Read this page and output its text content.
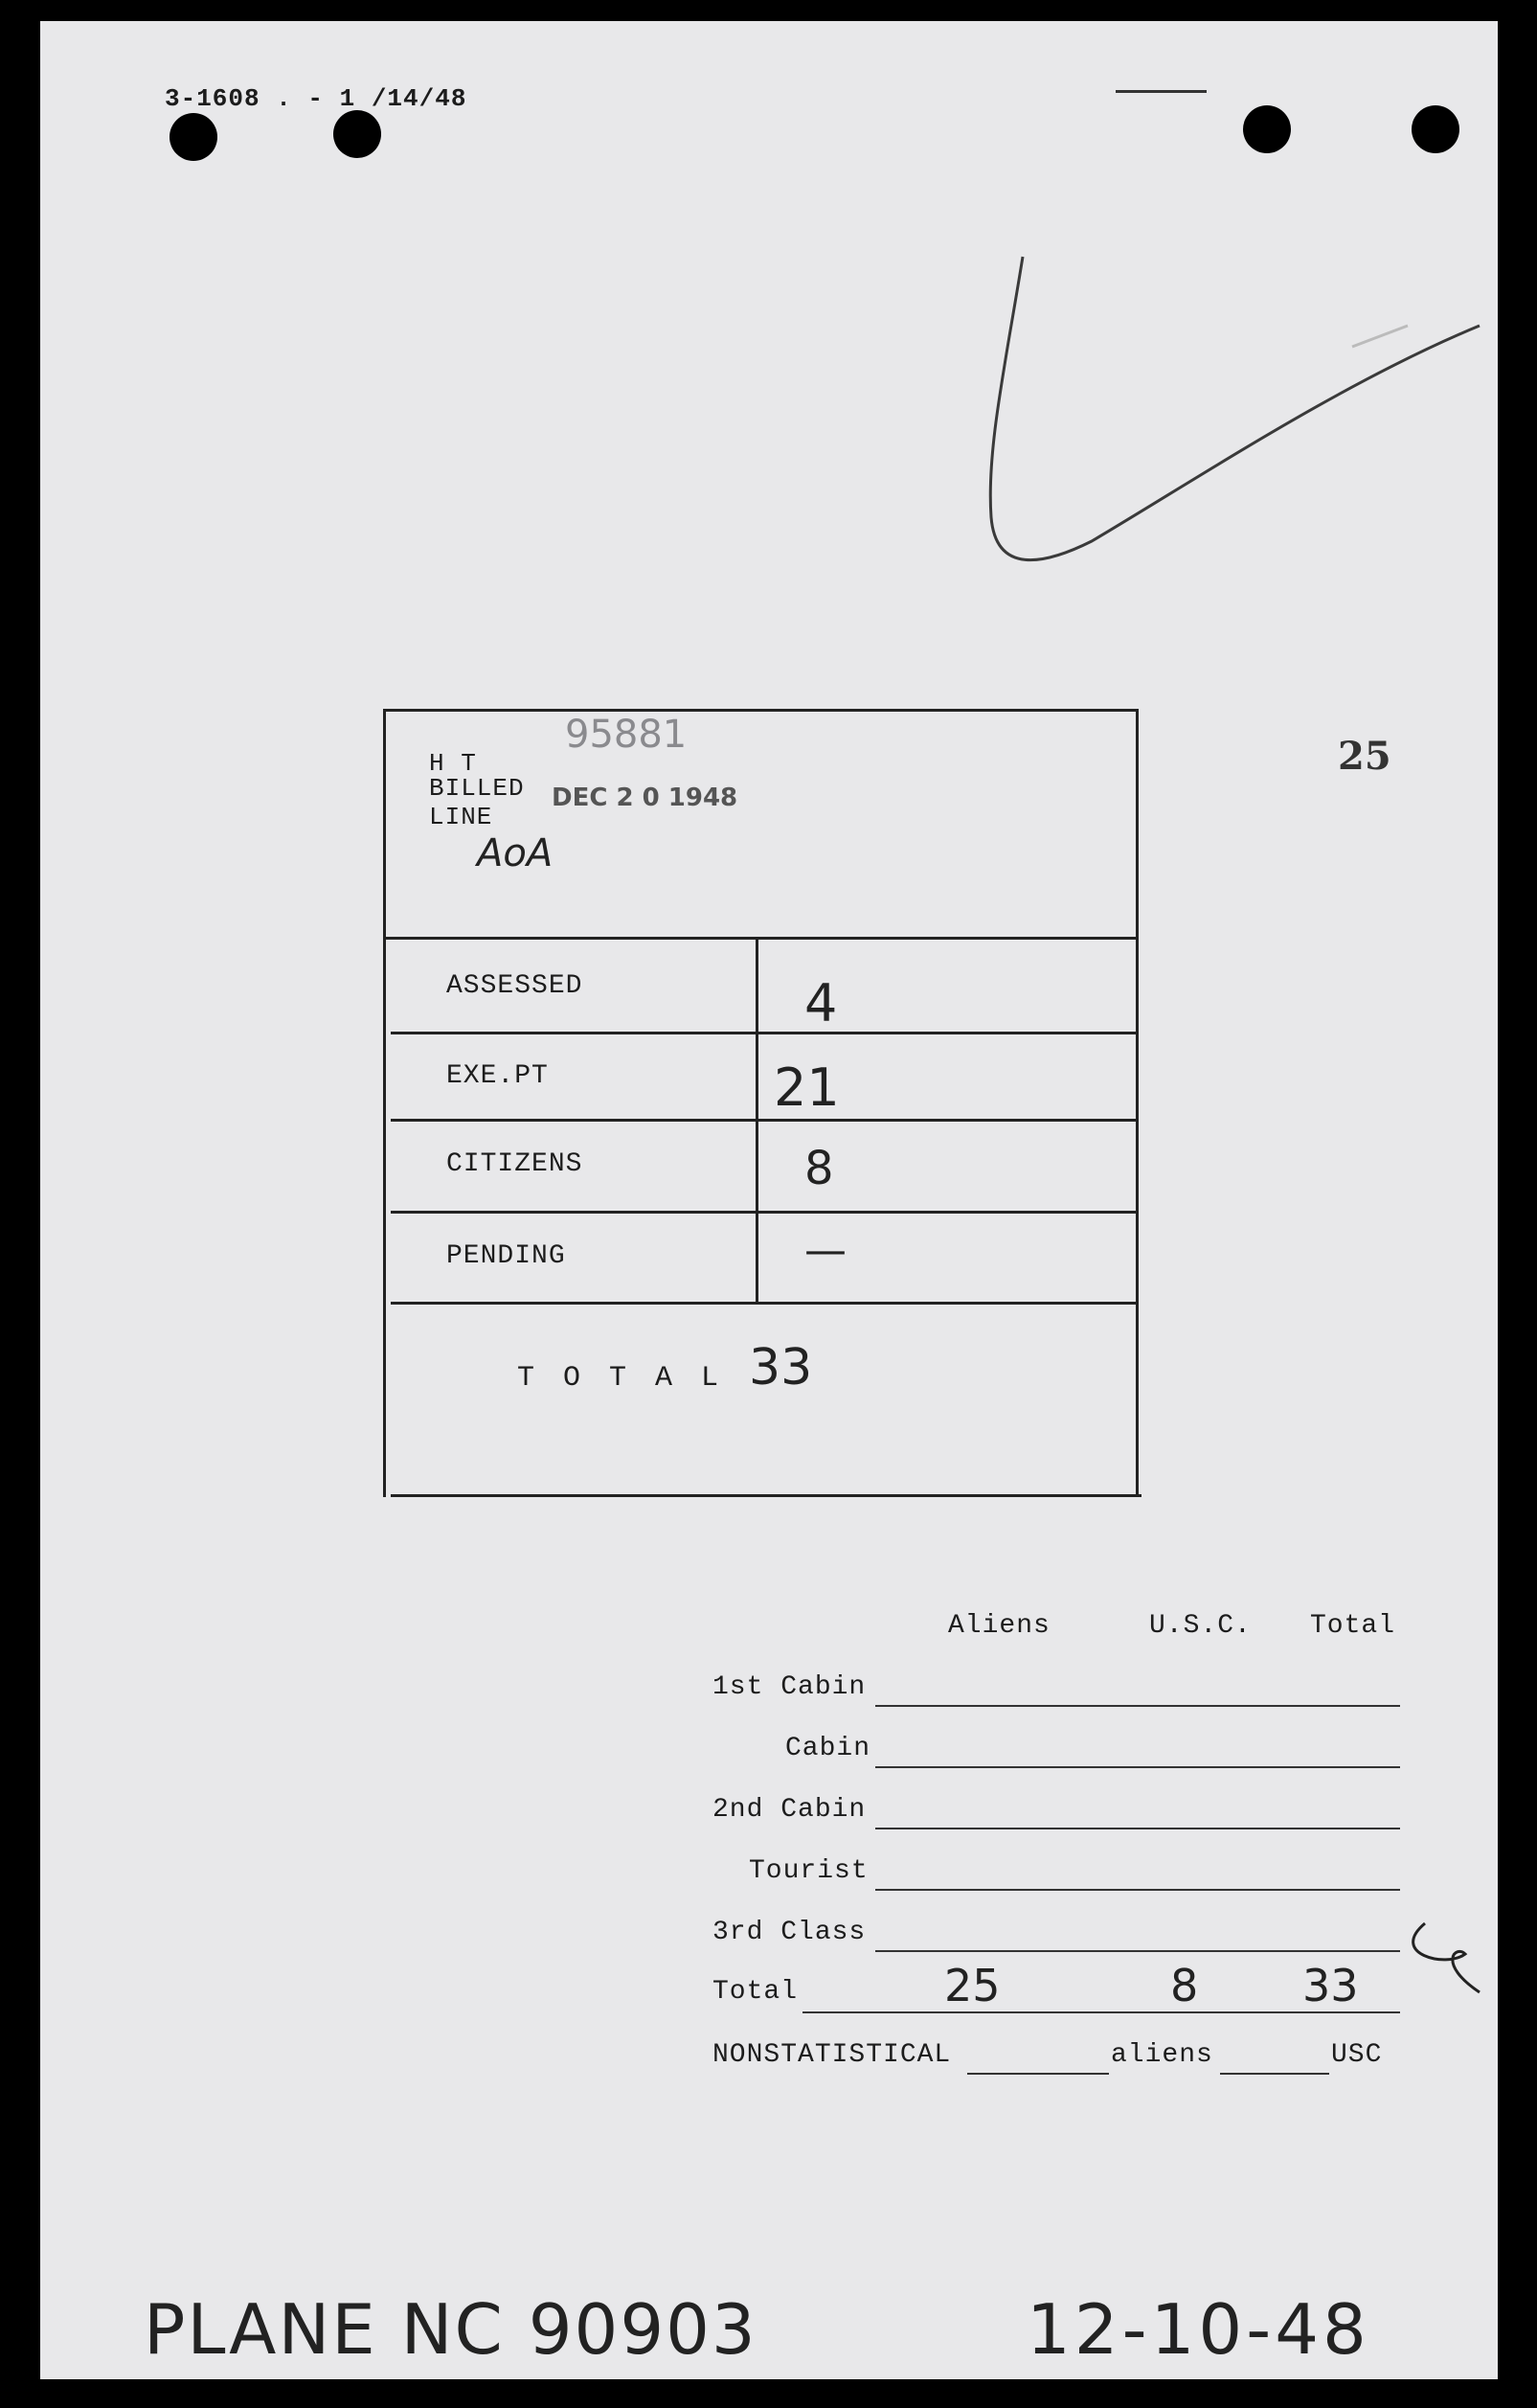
3-1608 . - 1 /14/48
25
95881
H T
BILLED DEC 2 0 1948
LINE
AoA
ASSESSED	4
EXE.PT	21
CITIZENS	8
PENDING	—
T O T A L 33
Aliens	U.S.C. Total
1st Cabin
Cabin
2nd Cabin
Tourist
3rd Class
Total	25	8 33
NONSTATISTICAL	aliens	USC
PLANE NC 90903	12-10-48
